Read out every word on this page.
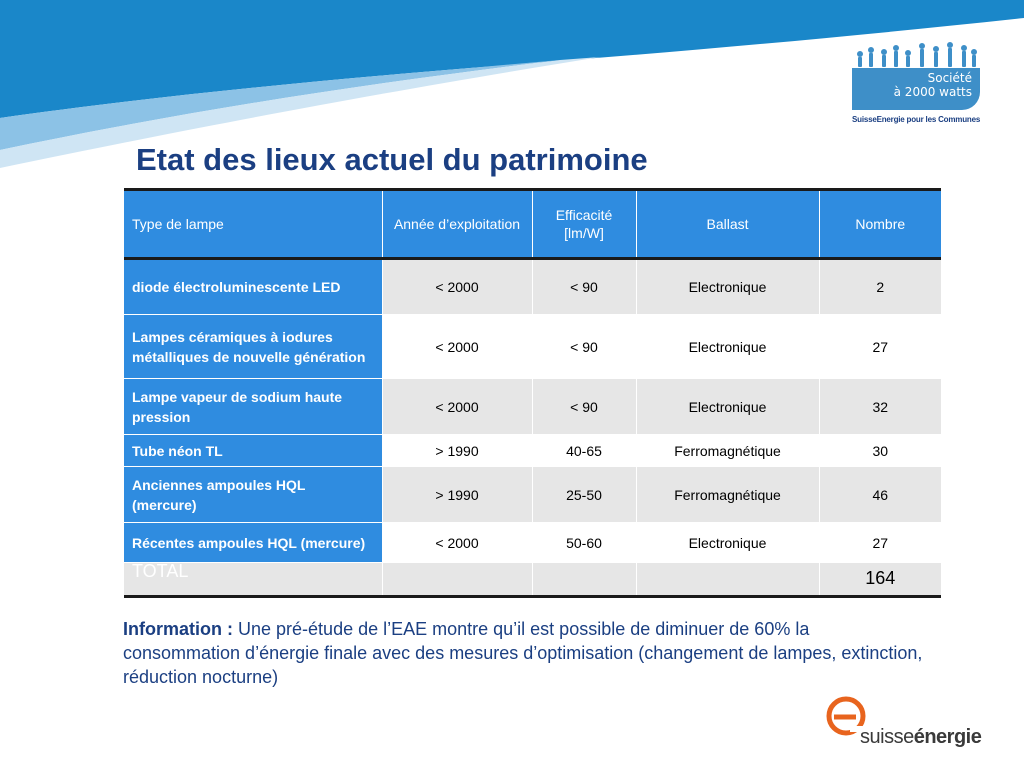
Société
à 2000 watts
SuisseEnergie pour les Communes
Etat des lieux actuel du patrimoine
Type de lampe	Année d’exploitation	Efficacité [lm/W]	Ballast	Nombre
diode électroluminescente LED	< 2000	< 90	Electronique	2
Lampes céramiques à iodures métalliques de nouvelle génération	< 2000	< 90	Electronique	27
Lampe vapeur de sodium haute pression	< 2000	< 90	Electronique	32
Tube néon TL	> 1990	40-65	Ferromagnétique	30
Anciennes ampoules HQL (mercure)	> 1990	25-50	Ferromagnétique	46
Récentes ampoules HQL (mercure)	< 2000	50-60	Electronique	27
TOTAL				164
Information : Une pré-étude de l’EAE montre qu’il est possible de diminuer de 60% la consommation d’énergie finale avec des mesures d’optimisation (changement de lampes, extinction, réduction nocturne)
suisseénergie
